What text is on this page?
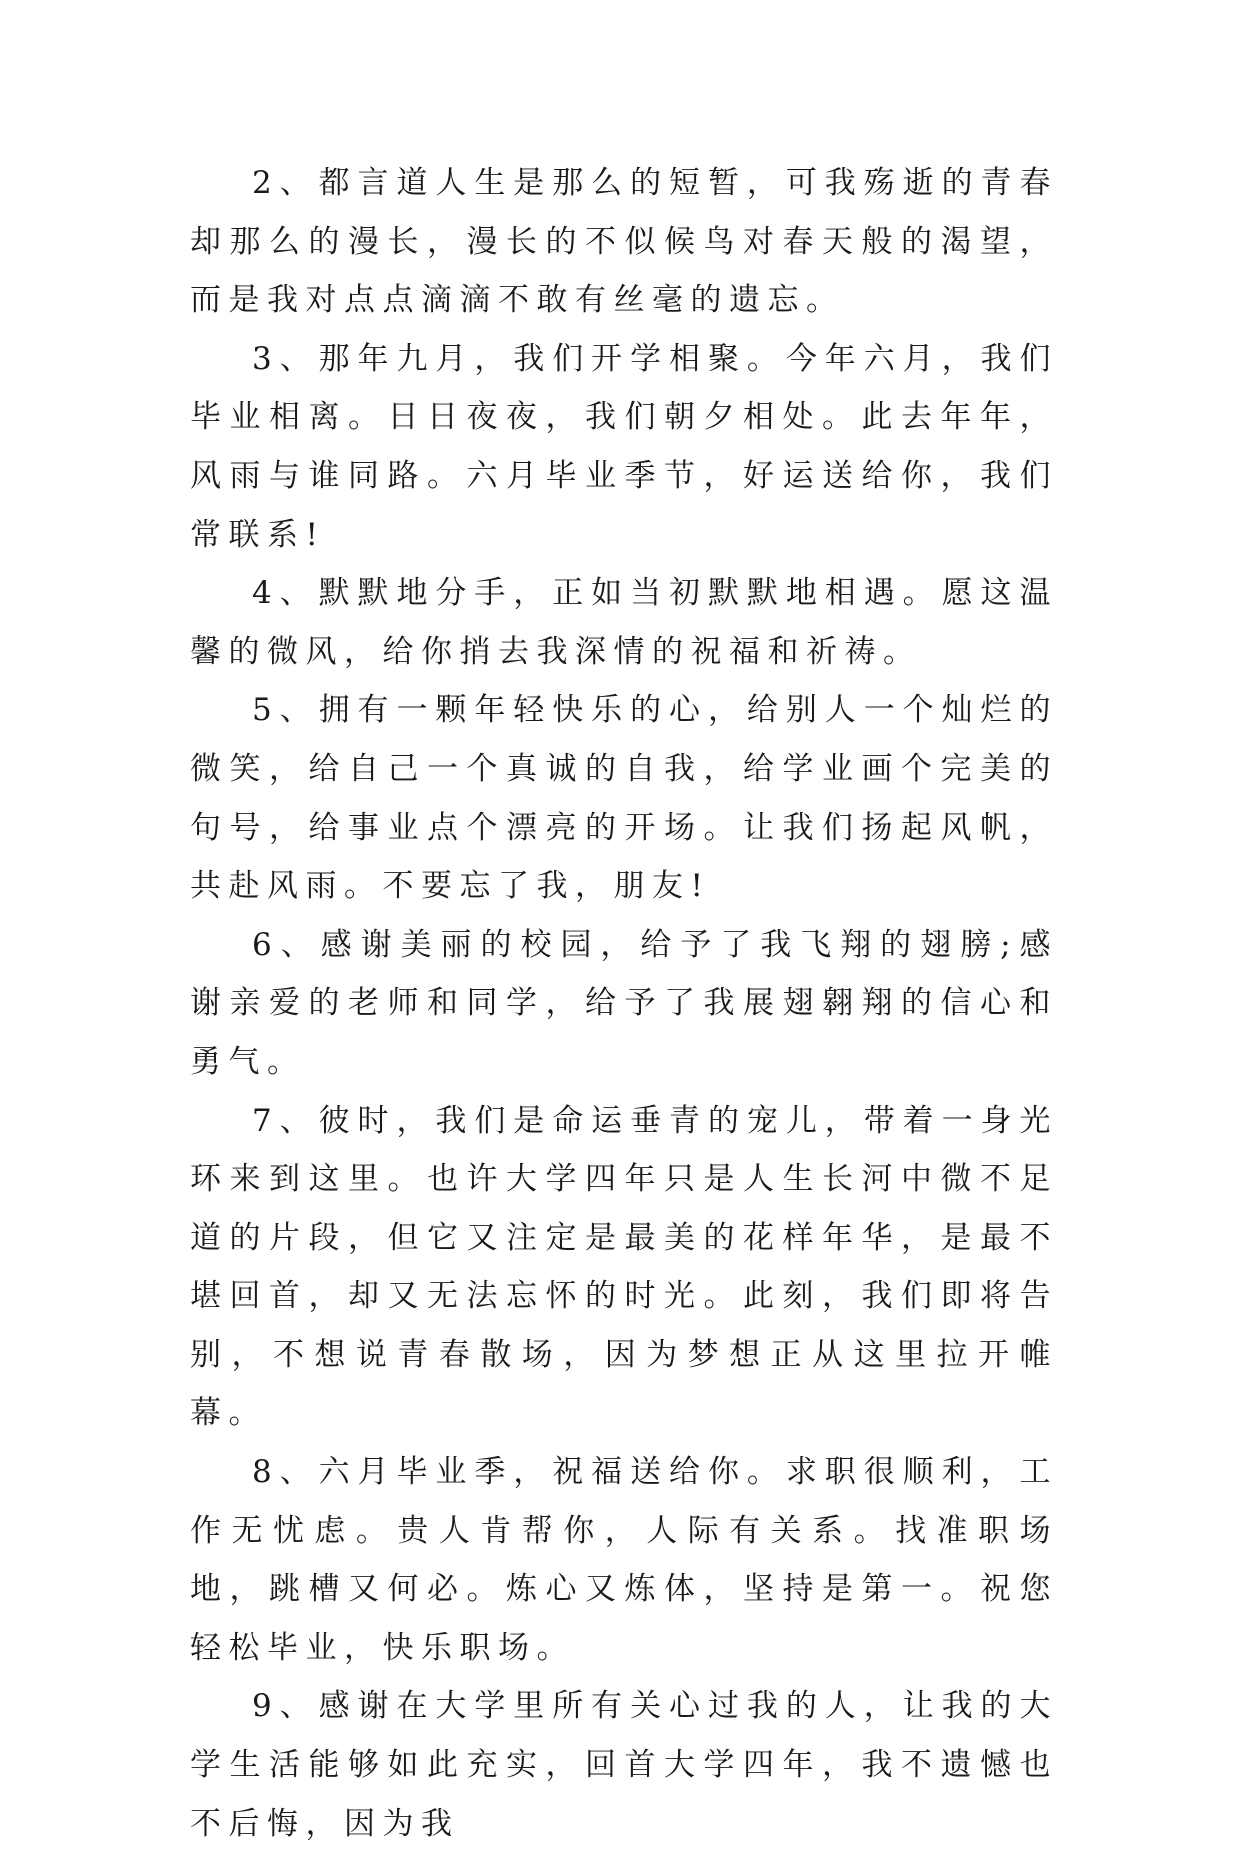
2、都言道人生是那么的短暂，可我殇逝的青春却那么的漫长，漫长的不似候鸟对春天般的渴望，而是我对点点滴滴不敢有丝毫的遗忘。

3、那年九月，我们开学相聚。今年六月，我们毕业相离。日日夜夜，我们朝夕相处。此去年年，风雨与谁同路。六月毕业季节，好运送给你，我们常联系!

4、默默地分手，正如当初默默地相遇。愿这温馨的微风，给你捎去我深情的祝福和祈祷。

5、拥有一颗年轻快乐的心，给别人一个灿烂的微笑，给自己一个真诚的自我，给学业画个完美的句号，给事业点个漂亮的开场。让我们扬起风帆，共赴风雨。不要忘了我，朋友!

6、感谢美丽的校园，给予了我飞翔的翅膀;感谢亲爱的老师和同学，给予了我展翅翱翔的信心和勇气。

7、彼时，我们是命运垂青的宠儿，带着一身光环来到这里。也许大学四年只是人生长河中微不足道的片段，但它又注定是最美的花样年华，是最不堪回首，却又无法忘怀的时光。此刻，我们即将告别，不想说青春散场，因为梦想正从这里拉开帷幕。

8、六月毕业季，祝福送给你。求职很顺利，工作无忧虑。贵人肯帮你，人际有关系。找准职场地，跳槽又何必。炼心又炼体，坚持是第一。祝您轻松毕业，快乐职场。

9、感谢在大学里所有关心过我的人，让我的大学生活能够如此充实，回首大学四年，我不遗憾也不后悔，因为我
